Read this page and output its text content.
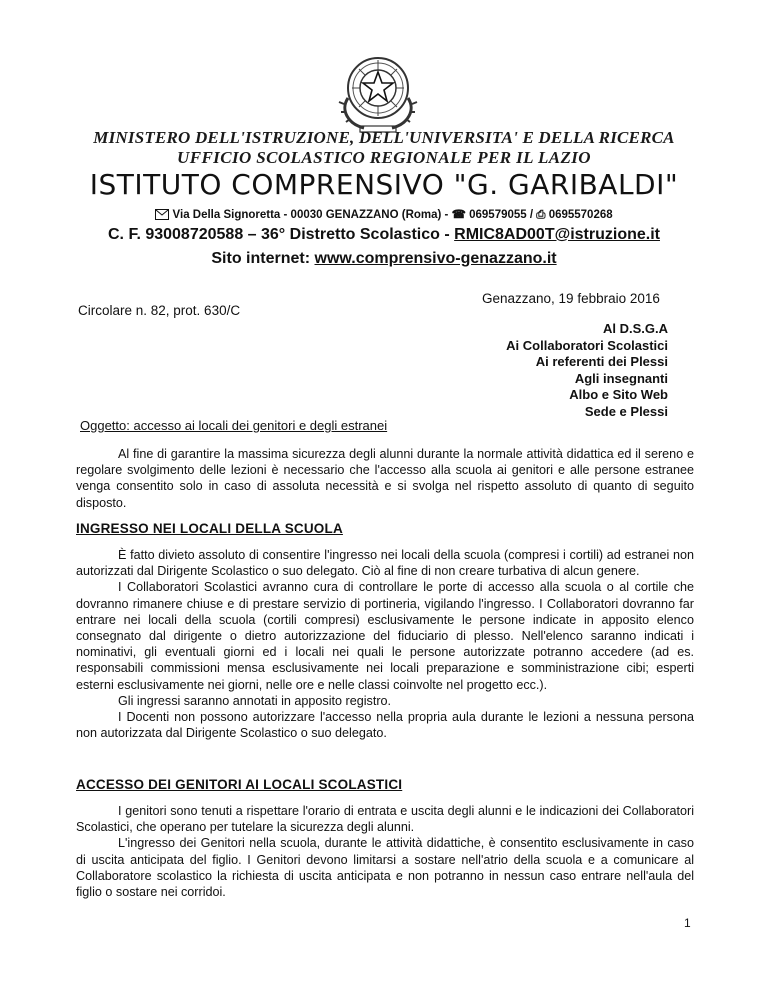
MINISTERO DELL'ISTRUZIONE, DELL'UNIVERSITA' E DELLA RICERCA
UFFICIO SCOLASTICO REGIONALE PER IL LAZIO
ISTITUTO COMPRENSIVO "G. GARIBALDI"
Via Della Signoretta - 00030 GENAZZANO (Roma) - ☎ 069579055 / ⎙ 0695570268
C. F. 93008720588 – 36° Distretto Scolastico - RMIC8AD00T@istruzione.it
Sito internet: www.comprensivo-genazzano.it
Circolare n. 82, prot. 630/C
Genazzano, 19 febbraio 2016
Al D.S.G.A
Ai Collaboratori Scolastici
Ai referenti dei Plessi
Agli insegnanti
Albo e Sito Web
Sede e Plessi
Oggetto: accesso ai locali dei genitori e degli estranei

Al fine di garantire la massima sicurezza degli alunni durante la normale attività didattica ed il sereno e regolare svolgimento delle lezioni è necessario che l'accesso alla scuola ai genitori e alle persone estranee venga consentito solo in caso di assoluta necessità e si svolga nel rispetto assoluto di quanto di seguito disposto.

INGRESSO NEI LOCALI DELLA SCUOLA

È fatto divieto assoluto di consentire l'ingresso nei locali della scuola (compresi i cortili) ad estranei non autorizzati dal Dirigente Scolastico o suo delegato. Ciò al fine di non creare turbativa di alcun genere.

I Collaboratori Scolastici avranno cura di controllare le porte di accesso alla scuola o al cortile che dovranno rimanere chiuse e di prestare servizio di portineria, vigilando l'ingresso. I Collaboratori dovranno far entrare nei locali della scuola (cortili compresi) esclusivamente le persone indicate in apposito elenco consegnato dal dirigente o dietro autorizzazione del fiduciario di plesso. Nell'elenco saranno indicati i nominativi, gli eventuali giorni ed i locali nei quali le persone autorizzate potranno accedere (ad es. responsabili commissioni mensa esclusivamente nei locali preparazione e somministrazione cibi; esperti esterni esclusivamente nei giorni, nelle ore e nelle classi coinvolte nel progetto ecc.).

Gli ingressi saranno annotati in apposito registro.

I Docenti non possono autorizzare l'accesso nella propria aula durante le lezioni a nessuna persona non autorizzata dal Dirigente Scolastico o suo delegato.

ACCESSO DEI GENITORI AI LOCALI SCOLASTICI

I genitori sono tenuti a rispettare l'orario di entrata e uscita degli alunni e le indicazioni dei Collaboratori Scolastici, che operano per tutelare la sicurezza degli alunni.

L'ingresso dei Genitori nella scuola, durante le attività didattiche, è consentito esclusivamente in caso di uscita anticipata del figlio. I Genitori devono limitarsi a sostare nell'atrio della scuola e a comunicare al Collaboratore scolastico la richiesta di uscita anticipata e non potranno in nessun caso entrare nell'aula del figlio o sostare nei corridoi.

1
